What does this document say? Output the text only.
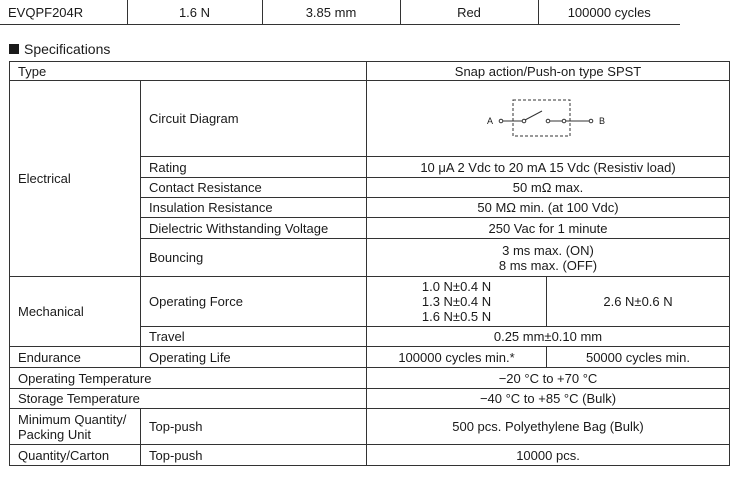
EVQPF204R	1.6 N	3.85 mm	Red	100000 cycles
Specifications
Type		Snap action/Push-on type SPST	
Electrical	Circuit Diagram	A B	

	Rating	10 μA 2 Vdc to 20 mA 15 Vdc (Resistiv load)	
	Contact Resistance	50 mΩ max.	
	Insulation Resistance	50 MΩ min. (at 100 Vdc)	
	Dielectric Withstanding Voltage	250 Vac for 1 minute	
	Bouncing	3 ms max. (ON)
8 ms max. (OFF)	

Mechanical	Operating Force	1.0 N±0.4 N
1.3 N±0.4 N
1.6 N±0.5 N	2.6 N±0.6 N
	Travel	0.25 mm±0.10 mm	
Endurance	Operating Life	100000 cycles min.*	50000 cycles min.
Operating Temperature		−20 °C to +70 °C	
Storage Temperature		−40 °C to +85 °C (Bulk)	

Minimum Quantity/
Packing Unit	Top-push	500 pcs. Polyethylene Bag (Bulk)	
Quantity/Carton	Top-push	10000 pcs.	
